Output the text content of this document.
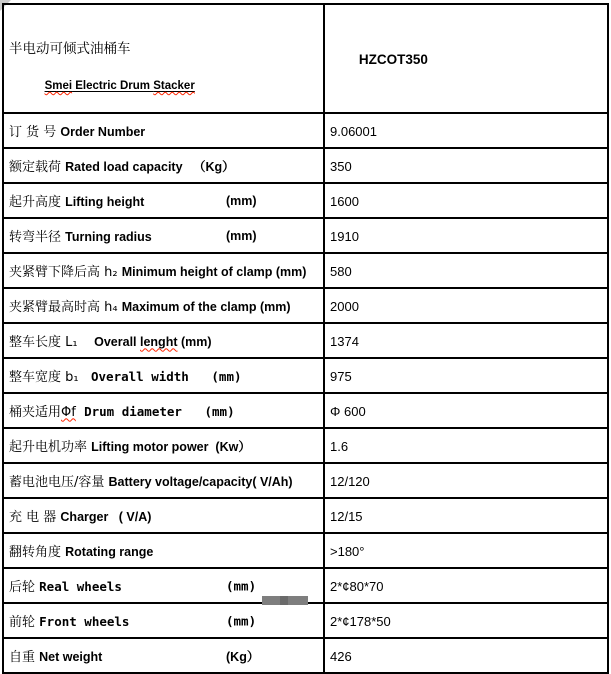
半电动可倾式油桶车

Smei Electric Drum Stacker	HZCOT350

订 货 号 Order Number	9.06001
额定载荷 Rated load capacity   （Kg）	350
起升高度 Lifting height (mm)	1600
转弯半径 Turning radius (mm)	1910
夹紧臂下降后高 h₂ Minimum height of clamp (mm)	580
夹紧臂最高时高 h₄ Maximum of the clamp (mm)	2000
整车长度 L₁    Overall lenght (mm)	1374
整车宽度 b₁   Overall width   (mm)	975
桶夹适用Φf Drum diameter   (mm)	Φ 600
起升电机功率 Lifting motor power  (Kw）	1.6
蓄电池电压/容量 Battery voltage/capacity( V/Ah)	12/120
充 电 器 Charger   ( V/A)	12/15
翻转角度 Rotating range	>180°
后轮 Real wheels (mm)	2*¢80*70
前轮 Front wheels (mm)	2*¢178*50
自重 Net weight (Kg）	426
